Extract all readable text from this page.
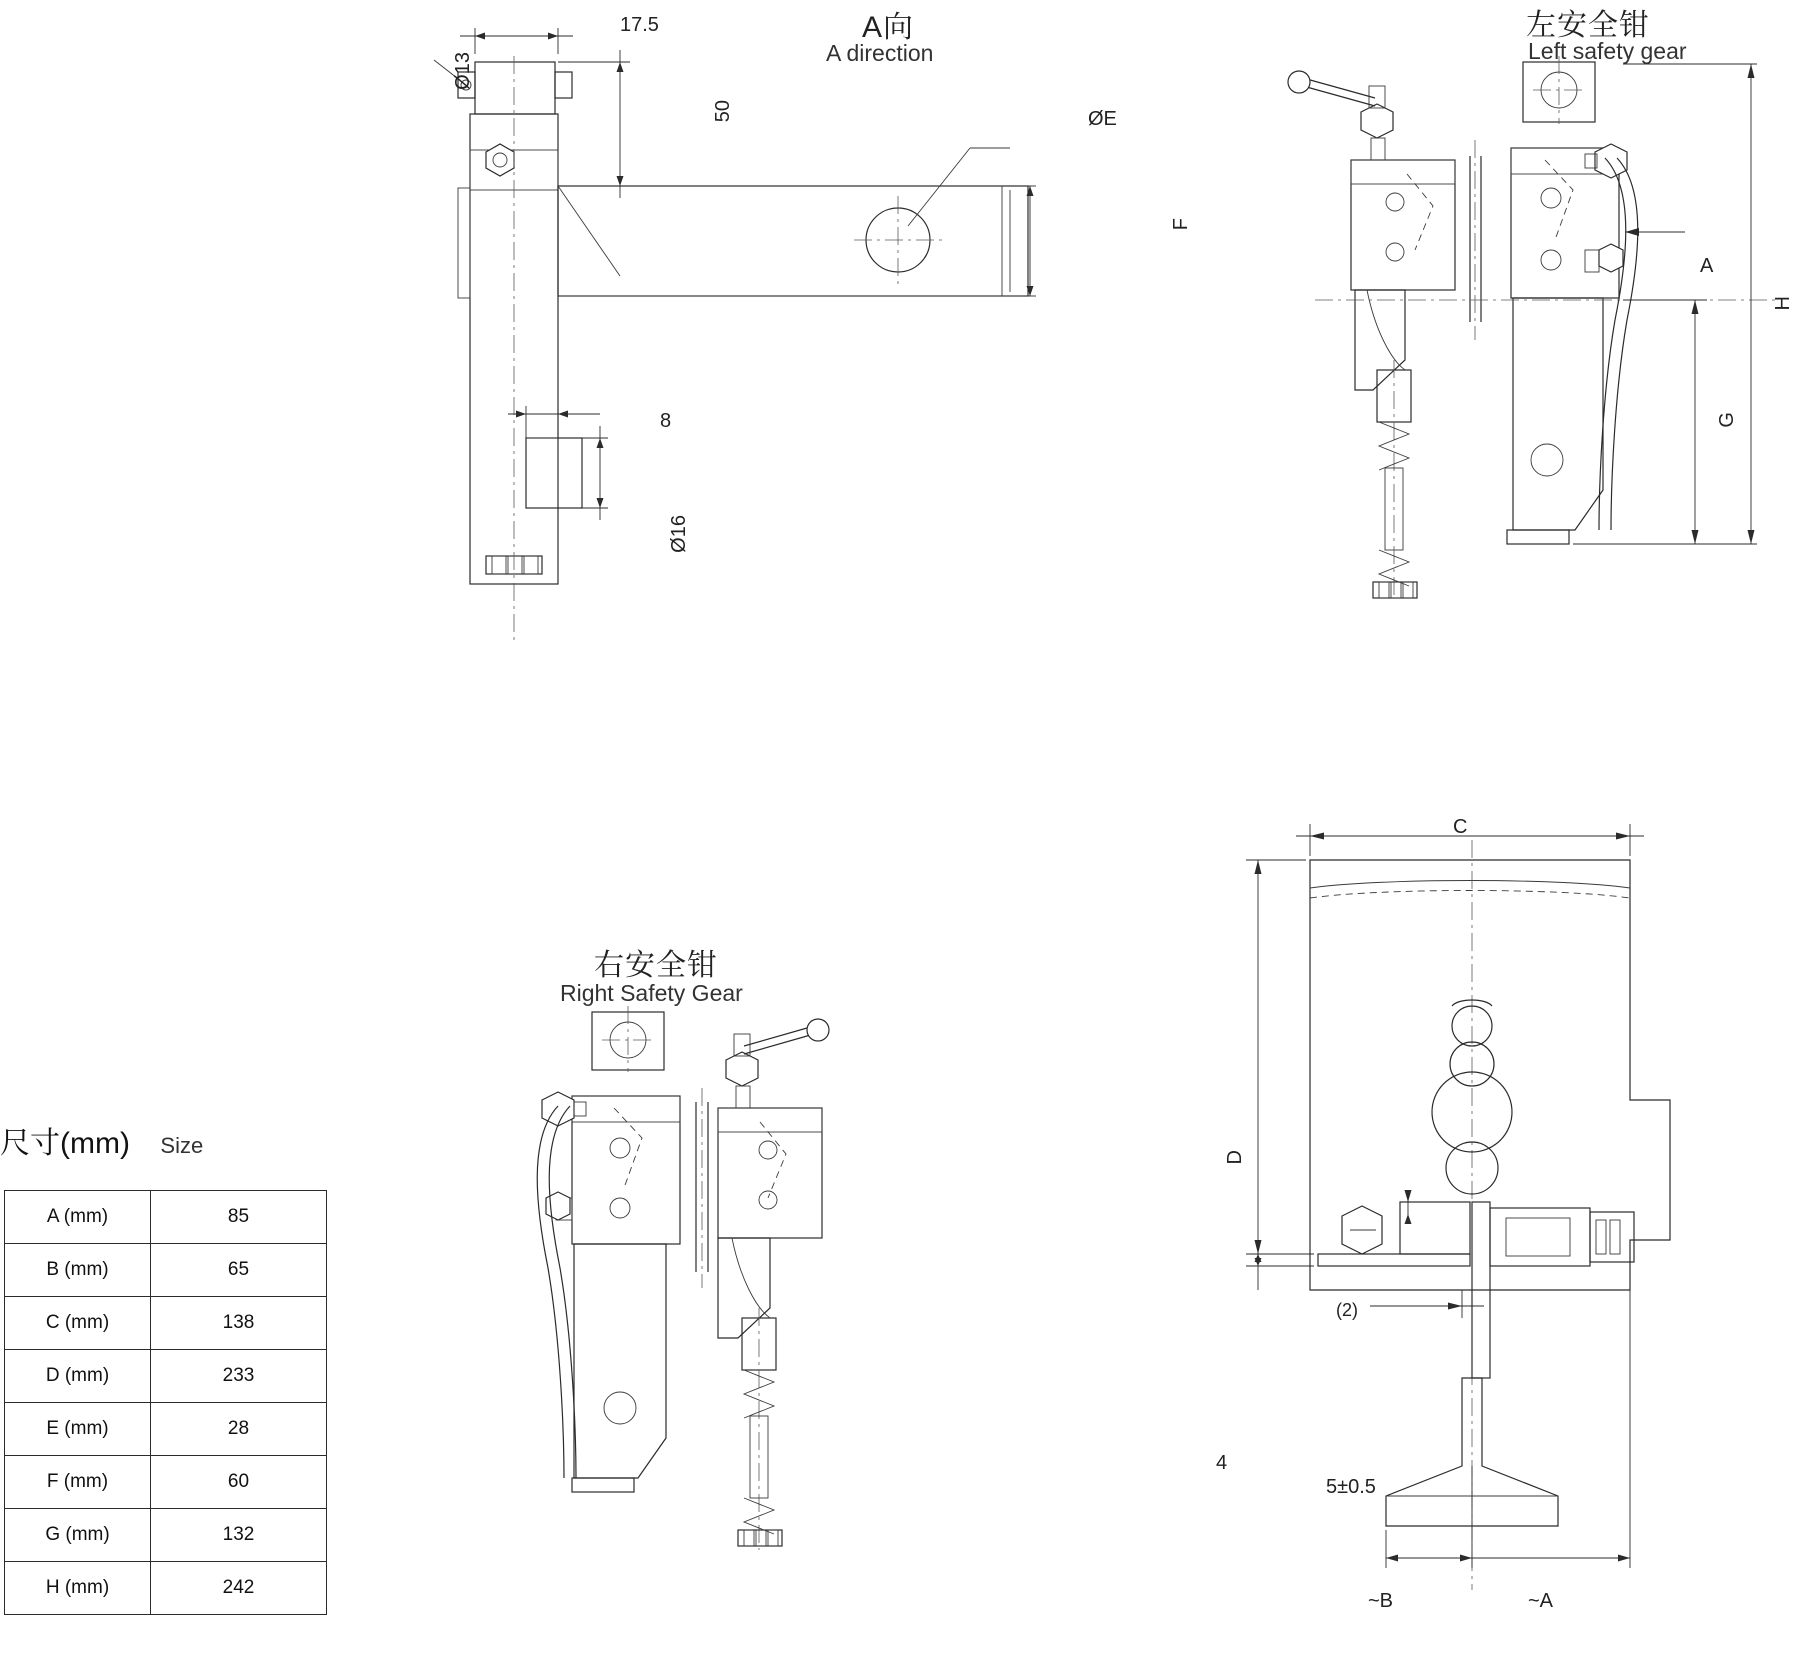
A向
A direction
17.5
Ø13
50	ØE
F
8
Ø16
左安全钳
Left safety gear
A
H
G
右安全钳
Right Safety Gear
C
D
4
(2)
5±0.5
~B	~A
尺寸(mm) Size
A (mm)	85
B (mm)	65
C (mm)	138
D (mm)	233
E (mm)	28
F (mm)	60
G (mm)	132
H (mm)	242
